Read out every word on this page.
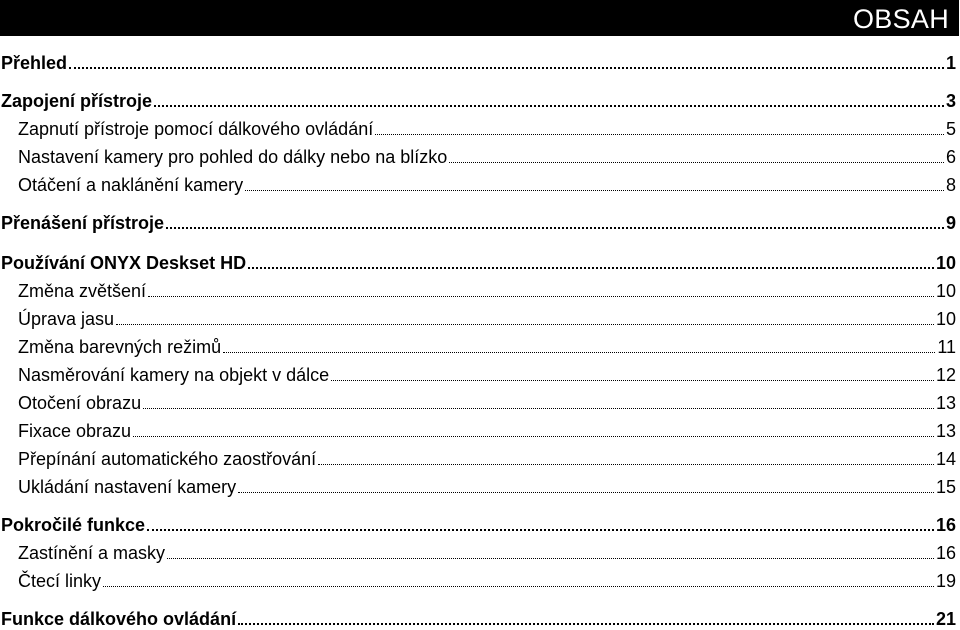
OBSAH
Přehled	1
Zapojení přístroje	3
Zapnutí přístroje pomocí dálkového ovládání	5
Nastavení kamery pro pohled do dálky nebo na blízko	6
Otáčení a naklánění kamery	8
Přenášení přístroje	9
Používání ONYX Deskset HD	10
Změna zvětšení	10
Úprava jasu	10
Změna barevných režimů	11
Nasměrování kamery na objekt v dálce	12
Otočení obrazu	13
Fixace obrazu	13
Přepínání automatického zaostřování	14
Ukládání nastavení kamery	15
Pokročilé funkce	16
Zastínění a masky	16
Čtecí linky	19
Funkce dálkového ovládání	21
